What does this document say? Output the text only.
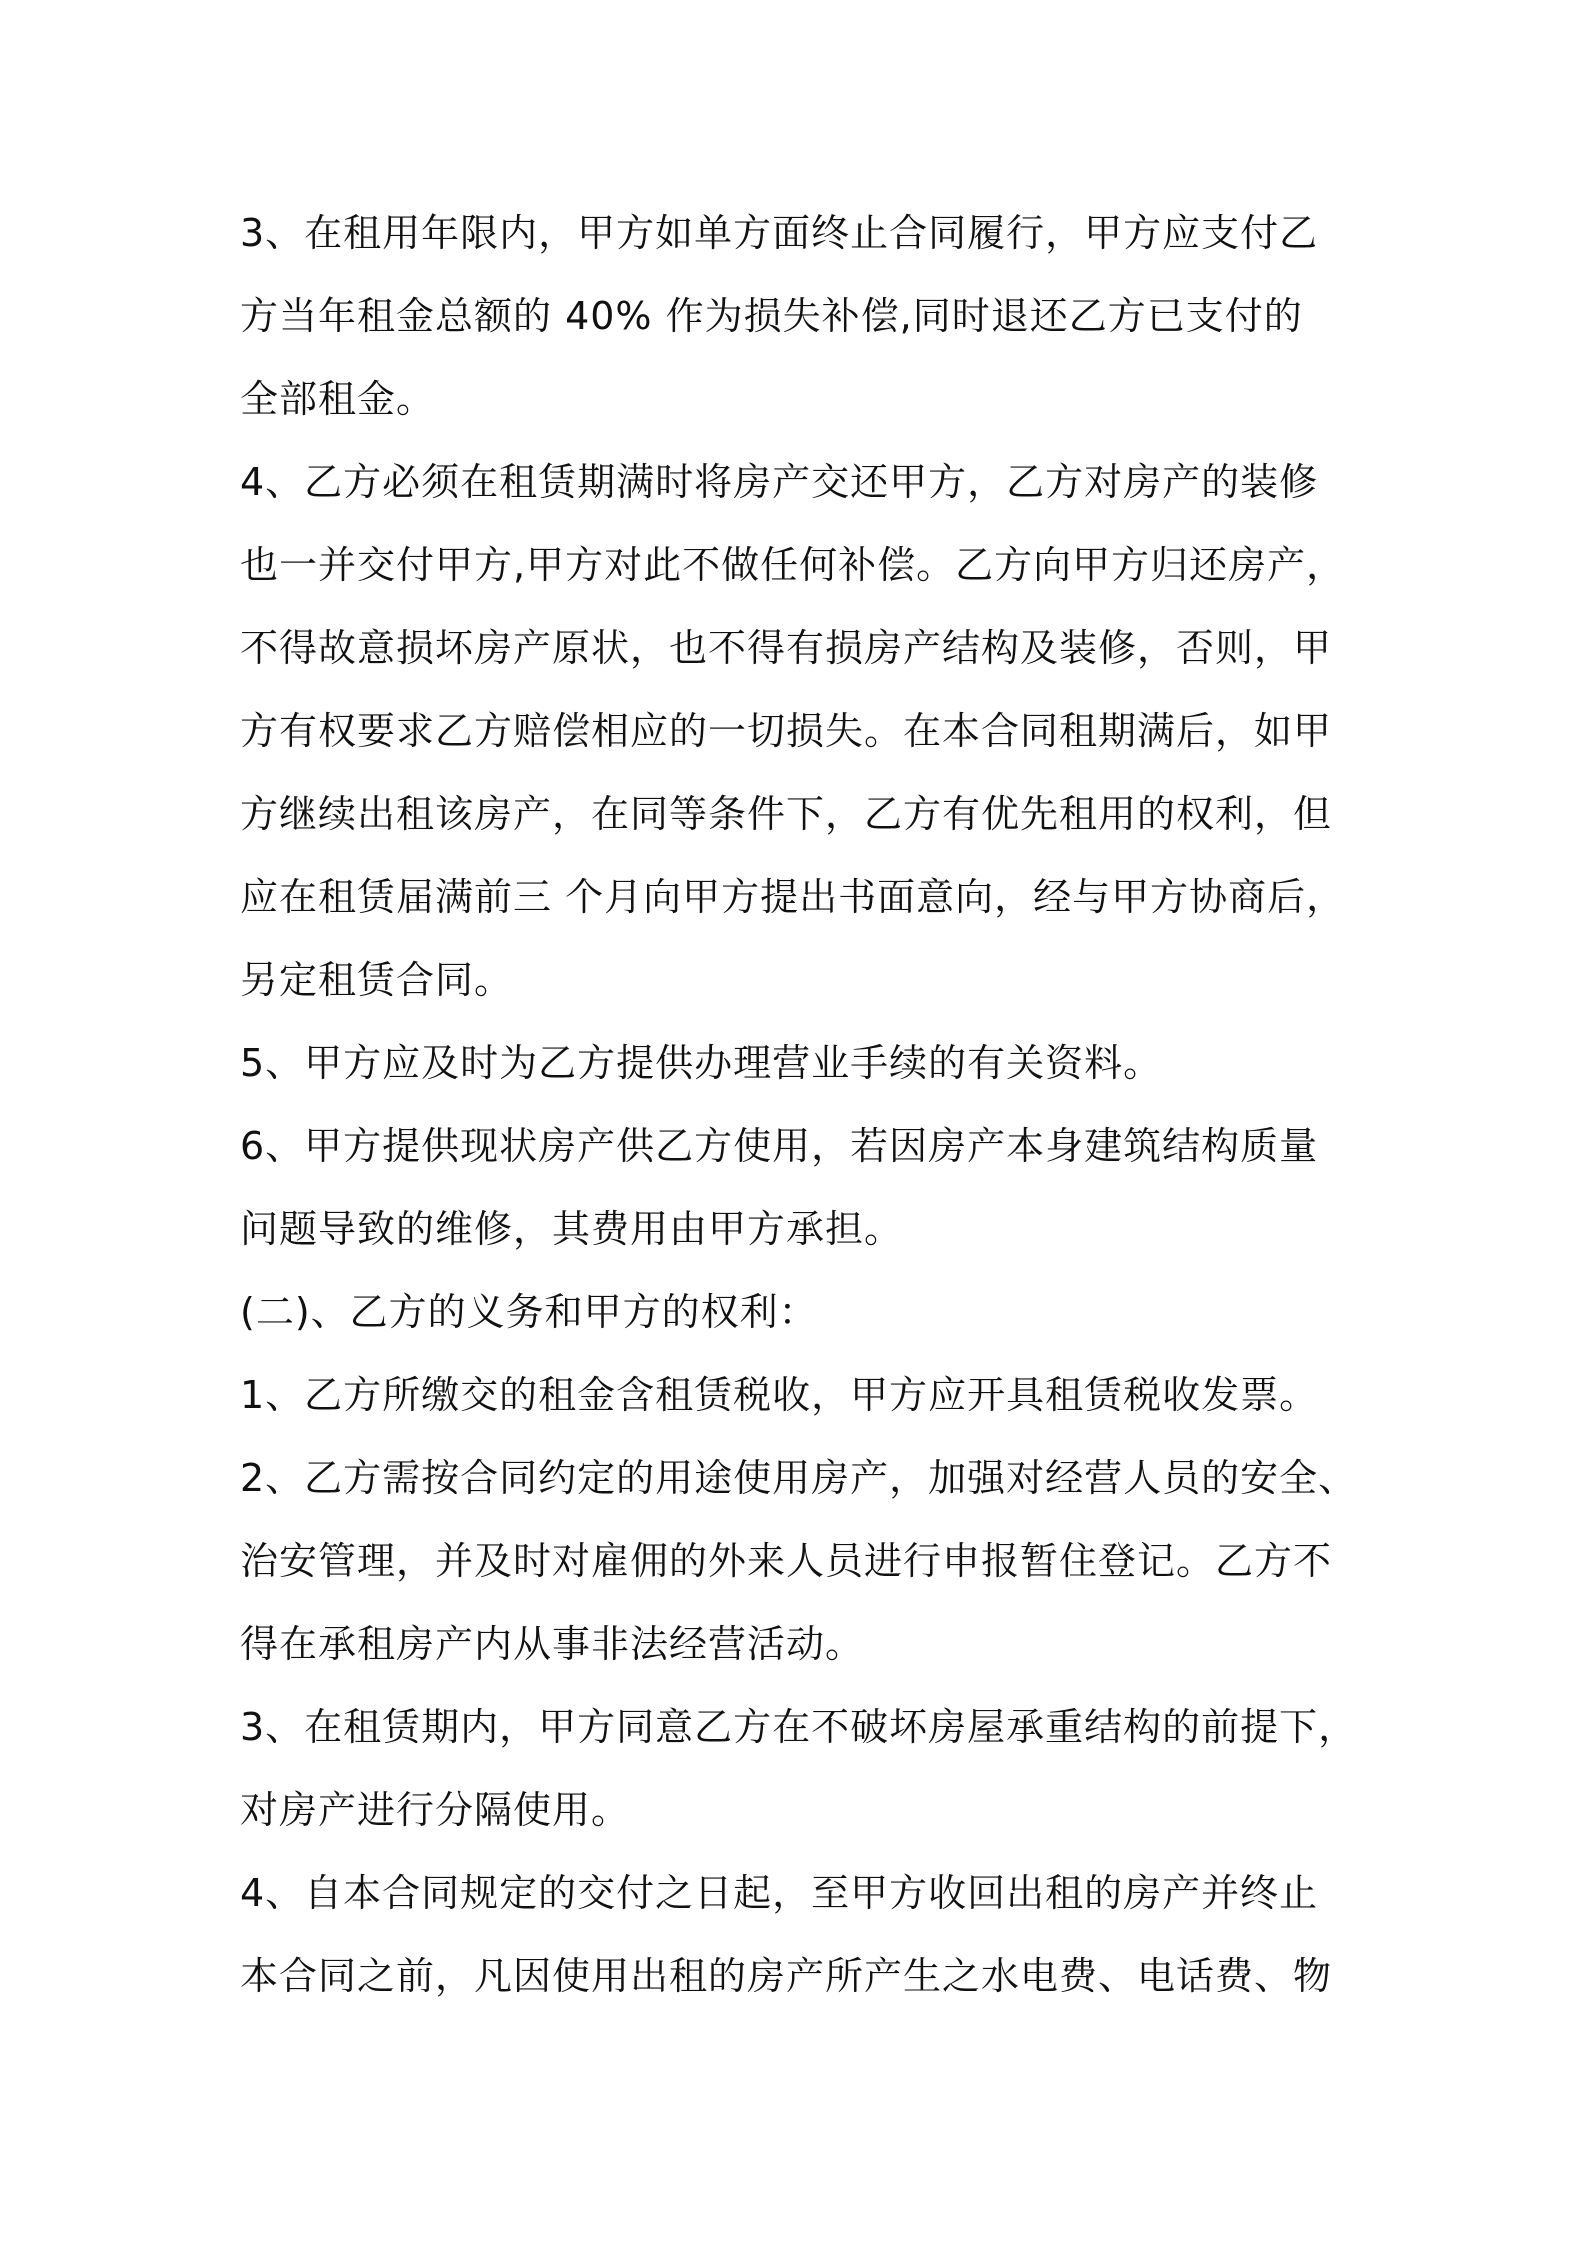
3、在租用年限内，甲方如单方面终止合同履行，甲方应支付乙
方当年租金总额的 40% 作为损失补偿,同时退还乙方已支付的
全部租金。
4、乙方必须在租赁期满时将房产交还甲方，乙方对房产的装修
也一并交付甲方,甲方对此不做任何补偿。乙方向甲方归还房产，
不得故意损坏房产原状，也不得有损房产结构及装修，否则，甲
方有权要求乙方赔偿相应的一切损失。在本合同租期满后，如甲
方继续出租该房产，在同等条件下，乙方有优先租用的权利，但
应在租赁届满前三 个月向甲方提出书面意向，经与甲方协商后，
另定租赁合同。
5、甲方应及时为乙方提供办理营业手续的有关资料。
6、甲方提供现状房产供乙方使用，若因房产本身建筑结构质量
问题导致的维修，其费用由甲方承担。
(二)、乙方的义务和甲方的权利：
1、乙方所缴交的租金含租赁税收，甲方应开具租赁税收发票。
2、乙方需按合同约定的用途使用房产，加强对经营人员的安全、
治安管理，并及时对雇佣的外来人员进行申报暂住登记。乙方不
得在承租房产内从事非法经营活动。
3、在租赁期内，甲方同意乙方在不破坏房屋承重结构的前提下，
对房产进行分隔使用。
4、自本合同规定的交付之日起，至甲方收回出租的房产并终止
本合同之前，凡因使用出租的房产所产生之水电费、电话费、物
